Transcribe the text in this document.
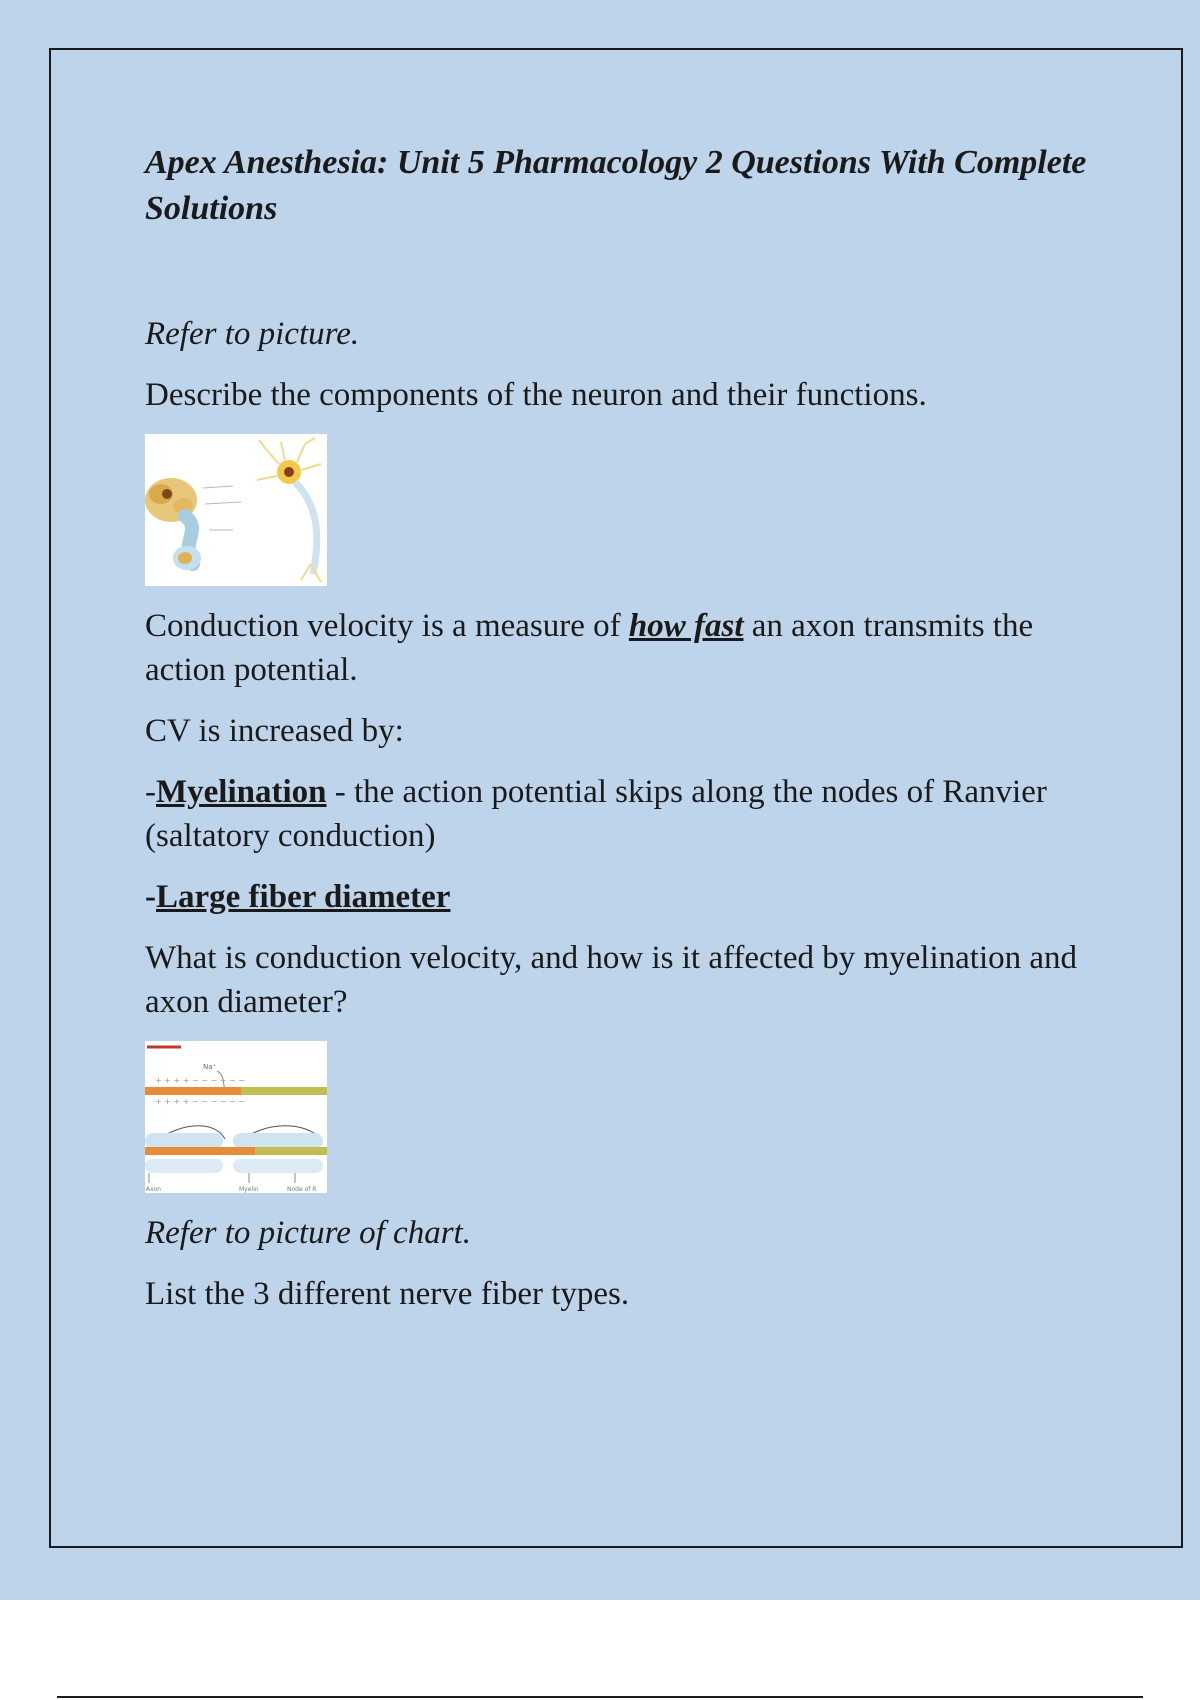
Apex Anesthesia: Unit 5 Pharmacology 2 Questions With Complete Solutions

Refer to picture.

Describe the components of the neuron and their functions.

Conduction velocity is a measure of how fast an axon transmits the action potential.

CV is increased by:

-Myelination - the action potential skips along the nodes of Ranvier (saltatory conduction)

-Large fiber diameter

What is conduction velocity, and how is it affected by myelination and axon diameter?

Na⁺
+ + + + − − − − − −
+ + + + − − − − − −
Axon	Myelin	Node of R

Refer to picture of chart.

List the 3 different nerve fiber types.
